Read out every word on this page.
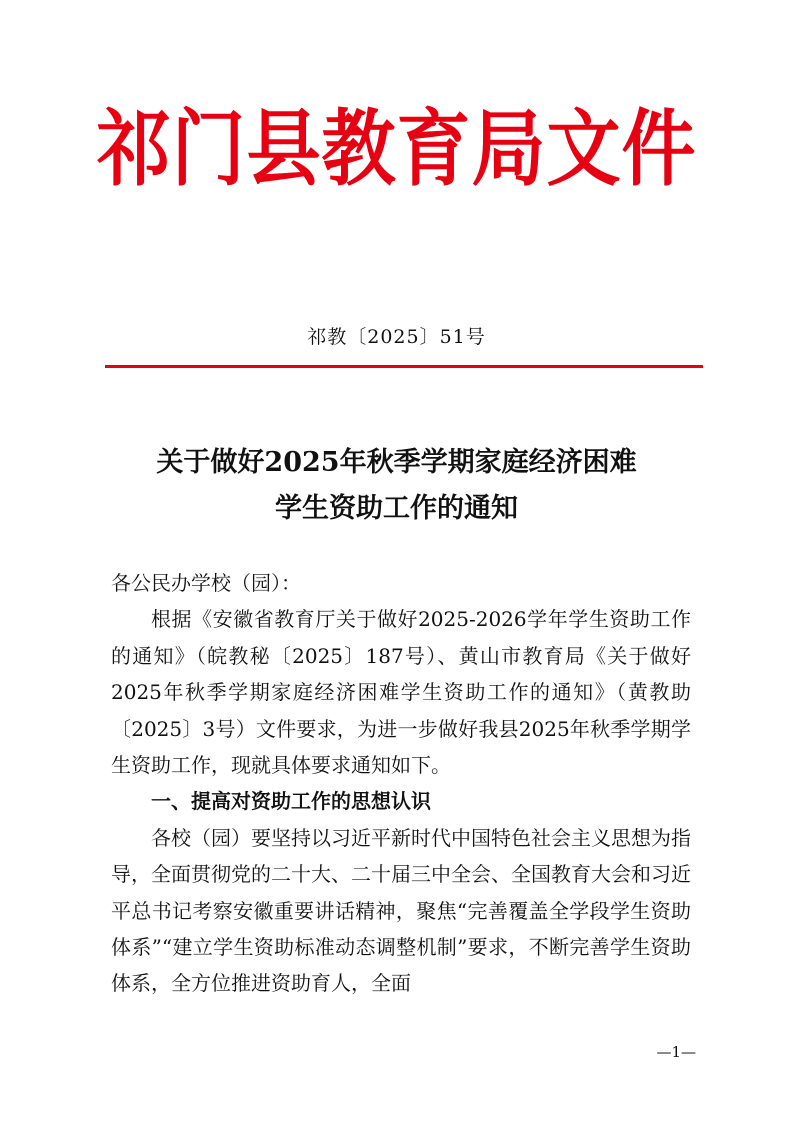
祁门县教育局文件
祁教〔2025〕51号
关于做好2025年秋季学期家庭经济困难
学生资助工作的通知

各公民办学校（园）：

根据《安徽省教育厅关于做好2025-2026学年学生资助工作的通知》（皖教秘〔2025〕187号）、黄山市教育局《关于做好2025年秋季学期家庭经济困难学生资助工作的通知》（黄教助〔2025〕3号）文件要求，为进一步做好我县2025年秋季学期学生资助工作，现就具体要求通知如下。

一、提高对资助工作的思想认识

各校（园）要坚持以习近平新时代中国特色社会主义思想为指导，全面贯彻党的二十大、二十届三中全会、全国教育大会和习近平总书记考察安徽重要讲话精神，聚焦“完善覆盖全学段学生资助体系”“建立学生资助标准动态调整机制”要求，不断完善学生资助体系，全方位推进资助育人，全面

—1—
